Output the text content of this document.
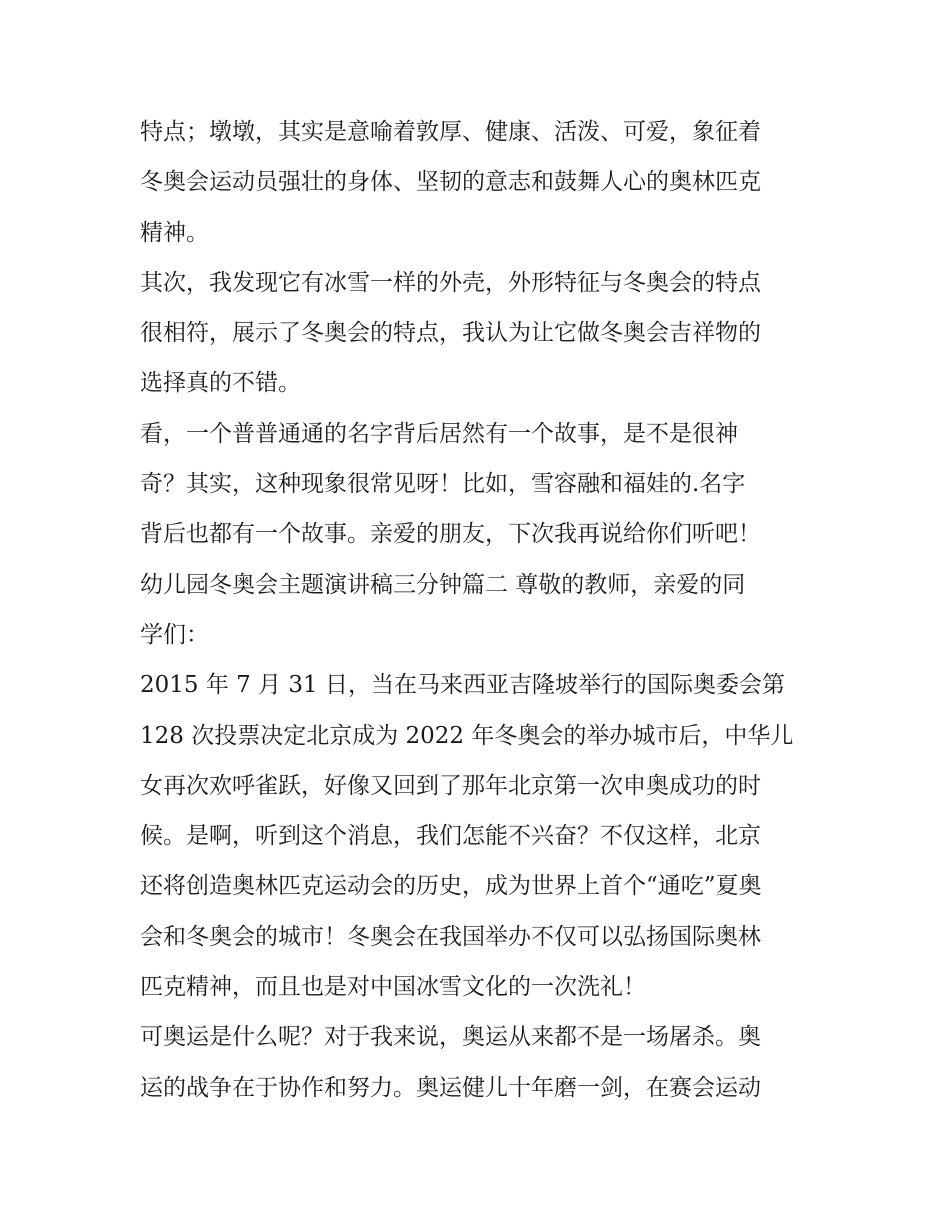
特点；墩墩，其实是意喻着敦厚、健康、活泼、可爱，象征着
冬奥会运动员强壮的身体、坚韧的意志和鼓舞人心的奥林匹克
精神。
其次，我发现它有冰雪一样的外壳，外形特征与冬奥会的特点
很相符，展示了冬奥会的特点，我认为让它做冬奥会吉祥物的
选择真的不错。
看，一个普普通通的名字背后居然有一个故事，是不是很神
奇？其实，这种现象很常见呀！比如，雪容融和福娃的.名字
背后也都有一个故事。亲爱的朋友，下次我再说给你们听吧！
幼儿园冬奥会主题演讲稿三分钟篇二 尊敬的教师，亲爱的同
学们：
2015 年 7 月 31 日，当在马来西亚吉隆坡举行的国际奥委会第
128 次投票决定北京成为 2022 年冬奥会的举办城市后，中华儿
女再次欢呼雀跃，好像又回到了那年北京第一次申奥成功的时
候。是啊，听到这个消息，我们怎能不兴奋？不仅这样，北京
还将创造奥林匹克运动会的历史，成为世界上首个“通吃”夏奥
会和冬奥会的城市！冬奥会在我国举办不仅可以弘扬国际奥林
匹克精神，而且也是对中国冰雪文化的一次洗礼！
可奥运是什么呢？对于我来说，奥运从来都不是一场屠杀。奥
运的战争在于协作和努力。奥运健儿十年磨一剑，在赛会运动
